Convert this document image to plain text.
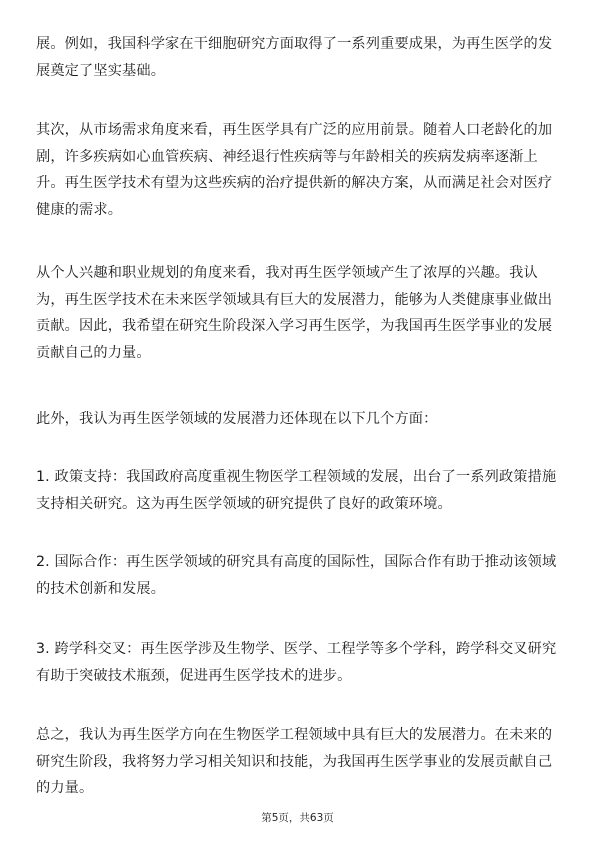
展。例如，我国科学家在干细胞研究方面取得了一系列重要成果，为再生医学的发
展奠定了坚实基础。
其次，从市场需求角度来看，再生医学具有广泛的应用前景。随着人口老龄化的加
剧，许多疾病如心血管疾病、神经退行性疾病等与年龄相关的疾病发病率逐渐上
升。再生医学技术有望为这些疾病的治疗提供新的解决方案，从而满足社会对医疗
健康的需求。
从个人兴趣和职业规划的角度来看，我对再生医学领域产生了浓厚的兴趣。我认
为，再生医学技术在未来医学领域具有巨大的发展潜力，能够为人类健康事业做出
贡献。因此，我希望在研究生阶段深入学习再生医学，为我国再生医学事业的发展
贡献自己的力量。
此外，我认为再生医学领域的发展潜力还体现在以下几个方面：
1. 政策支持：我国政府高度重视生物医学工程领域的发展，出台了一系列政策措施
支持相关研究。这为再生医学领域的研究提供了良好的政策环境。
2. 国际合作：再生医学领域的研究具有高度的国际性，国际合作有助于推动该领域
的技术创新和发展。
3. 跨学科交叉：再生医学涉及生物学、医学、工程学等多个学科，跨学科交叉研究
有助于突破技术瓶颈，促进再生医学技术的进步。
总之，我认为再生医学方向在生物医学工程领域中具有巨大的发展潜力。在未来的
研究生阶段，我将努力学习相关知识和技能，为我国再生医学事业的发展贡献自己
的力量。
第5页，共63页
